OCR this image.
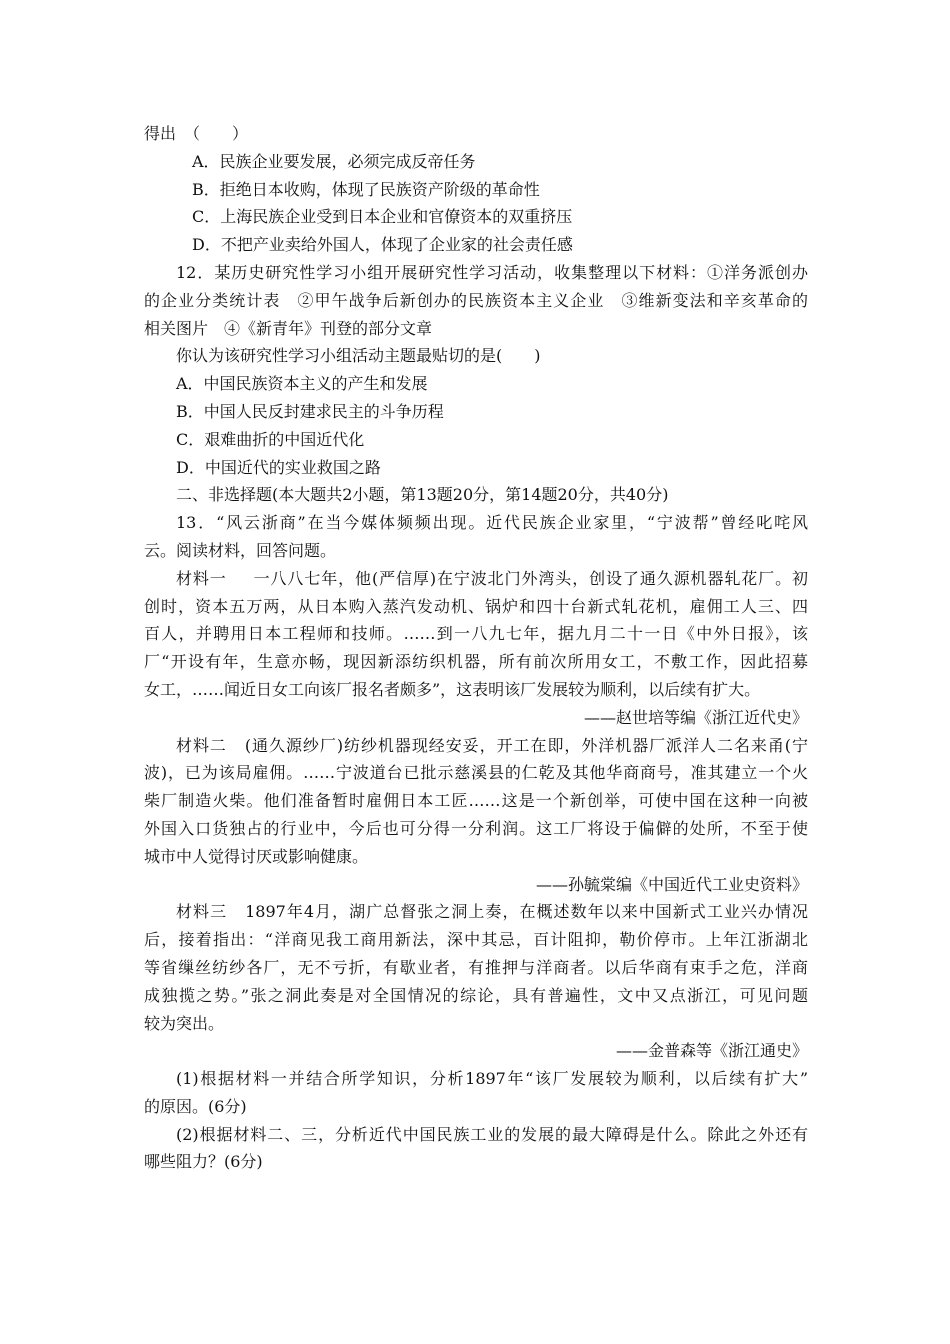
得出　（　　）
A．民族企业要发展，必须完成反帝任务
B．拒绝日本收购，体现了民族资产阶级的革命性
C．上海民族企业受到日本企业和官僚资本的双重挤压
D．不把产业卖给外国人，体现了企业家的社会责任感
12．某历史研究性学习小组开展研究性学习活动，收集整理以下材料：①洋务派创办
的企业分类统计表　②甲午战争后新创办的民族资本主义企业　③维新变法和辛亥革命的
相关图片　④《新青年》刊登的部分文章
你认为该研究性学习小组活动主题最贴切的是(　　)
A．中国民族资本主义的产生和发展
B．中国人民反封建求民主的斗争历程
C．艰难曲折的中国近代化
D．中国近代的实业救国之路
二、非选择题(本大题共2小题，第13题20分，第14题20分，共40分)
13．“风云浙商”在当今媒体频频出现。近代民族企业家里，“宁波帮”曾经叱咤风
云。阅读材料，回答问题。
材料一 一八八七年，他(严信厚)在宁波北门外湾头，创设了通久源机器轧花厂。初
创时，资本五万两，从日本购入蒸汽发动机、锅炉和四十台新式轧花机，雇佣工人三、四
百人，并聘用日本工程师和技师。……到一八九七年，据九月二十一日《中外日报》，该
厂“开设有年，生意亦畅，现因新添纺织机器，所有前次所用女工，不敷工作，因此招募
女工，……闻近日女工向该厂报名者颇多”，这表明该厂发展较为顺利，以后续有扩大。
——赵世培等编《浙江近代史》
材料二 (通久源纱厂)纺纱机器现经安妥，开工在即，外洋机器厂派洋人二名来甬(宁
波)，已为该局雇佣。……宁波道台已批示慈溪县的仁乾及其他华商商号，准其建立一个火
柴厂制造火柴。他们准备暂时雇佣日本工匠……这是一个新创举，可使中国在这种一向被
外国入口货独占的行业中，今后也可分得一分利润。这工厂将设于偏僻的处所，不至于使
城市中人觉得讨厌或影响健康。
——孙毓棠编《中国近代工业史资料》
材料三 1897年4月，湖广总督张之洞上奏，在概述数年以来中国新式工业兴办情况
后，接着指出：“洋商见我工商用新法，深中其忌，百计阻抑，勒价停市。上年江浙湖北
等省缫丝纺纱各厂，无不亏折，有歇业者，有推押与洋商者。以后华商有束手之危，洋商
成独揽之势。”张之洞此奏是对全国情况的综论，具有普遍性，文中又点浙江，可见问题
较为突出。
——金普森等《浙江通史》
(1)根据材料一并结合所学知识，分析1897年“该厂发展较为顺利，以后续有扩大”
的原因。(6分)
(2)根据材料二、三，分析近代中国民族工业的发展的最大障碍是什么。除此之外还有
哪些阻力？(6分)
